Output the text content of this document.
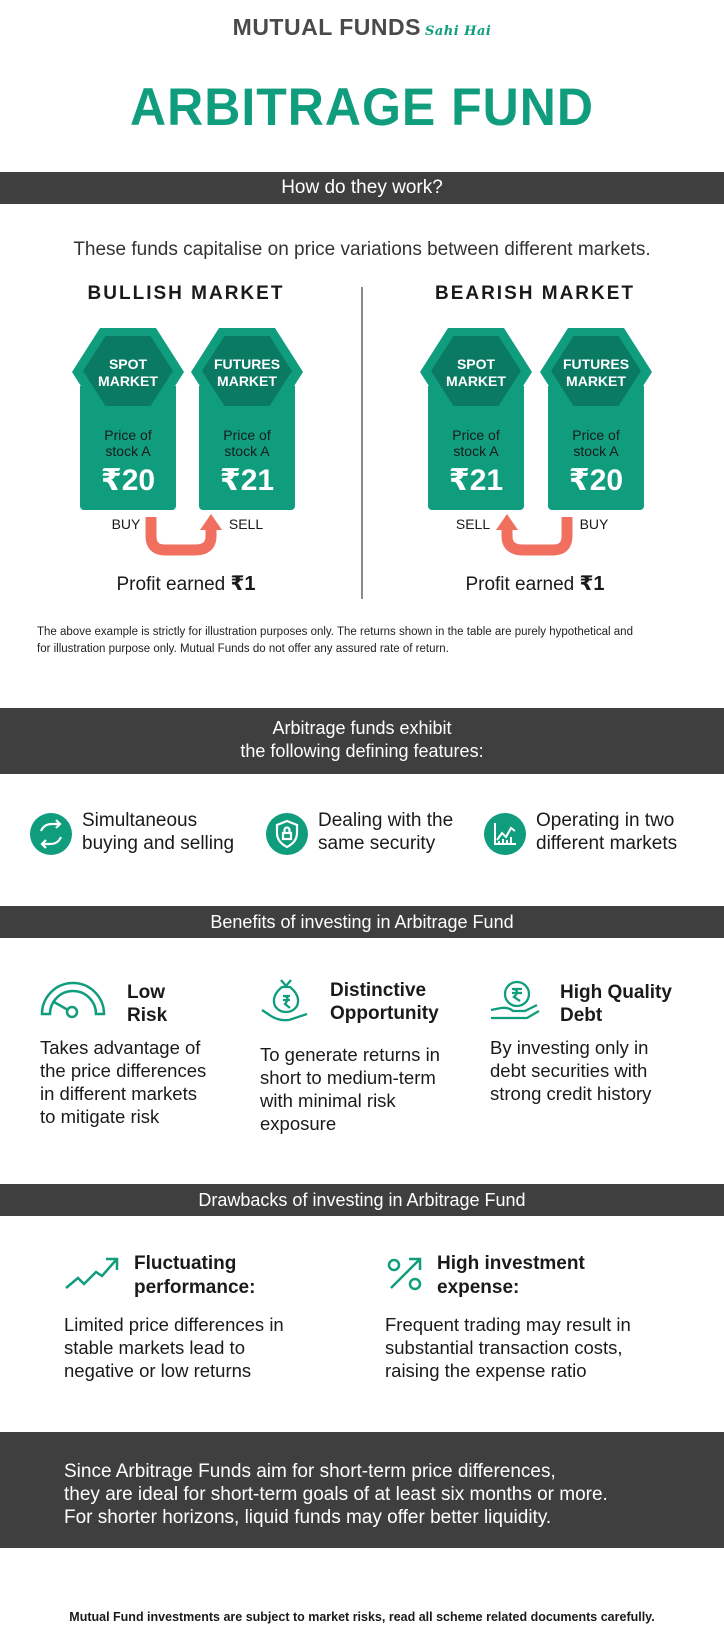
MUTUAL FUNDS Sahi Hai
ARBITRAGE FUND
How do they work?
These funds capitalise on price variations between different markets.
BULLISH MARKET	BEARISH MARKET
SPOT
MARKET
Price of
stock A
₹20
FUTURES
MARKET
Price of
stock A
₹21
BUY	SELL
Profit earned ₹1
SPOT
MARKET
Price of
stock A
₹21
FUTURES
MARKET
Price of
stock A
₹20
SELL	BUY
Profit earned ₹1
The above example is strictly for illustration purposes only. The returns shown in the table are purely hypothetical and
for illustration purpose only. Mutual Funds do not offer any assured rate of return.
Arbitrage funds exhibit
the following defining features:
Simultaneous
buying and selling
Dealing with the
same security
Operating in two
different markets
Benefits of investing in Arbitrage Fund
Low
Risk
Takes advantage of
the price differences
in different markets
to mitigate risk
Distinctive
Opportunity
To generate returns in
short to medium-term
with minimal risk
exposure
High Quality
Debt
By investing only in
debt securities with
strong credit history
Drawbacks of investing in Arbitrage Fund
Fluctuating
performance:
Limited price differences in
stable markets lead to
negative or low returns
High investment
expense:
Frequent trading may result in
substantial transaction costs,
raising the expense ratio
Since Arbitrage Funds aim for short-term price differences,
they are ideal for short-term goals of at least six months or more.
For shorter horizons, liquid funds may offer better liquidity.
Mutual Fund investments are subject to market risks, read all scheme related documents carefully.
